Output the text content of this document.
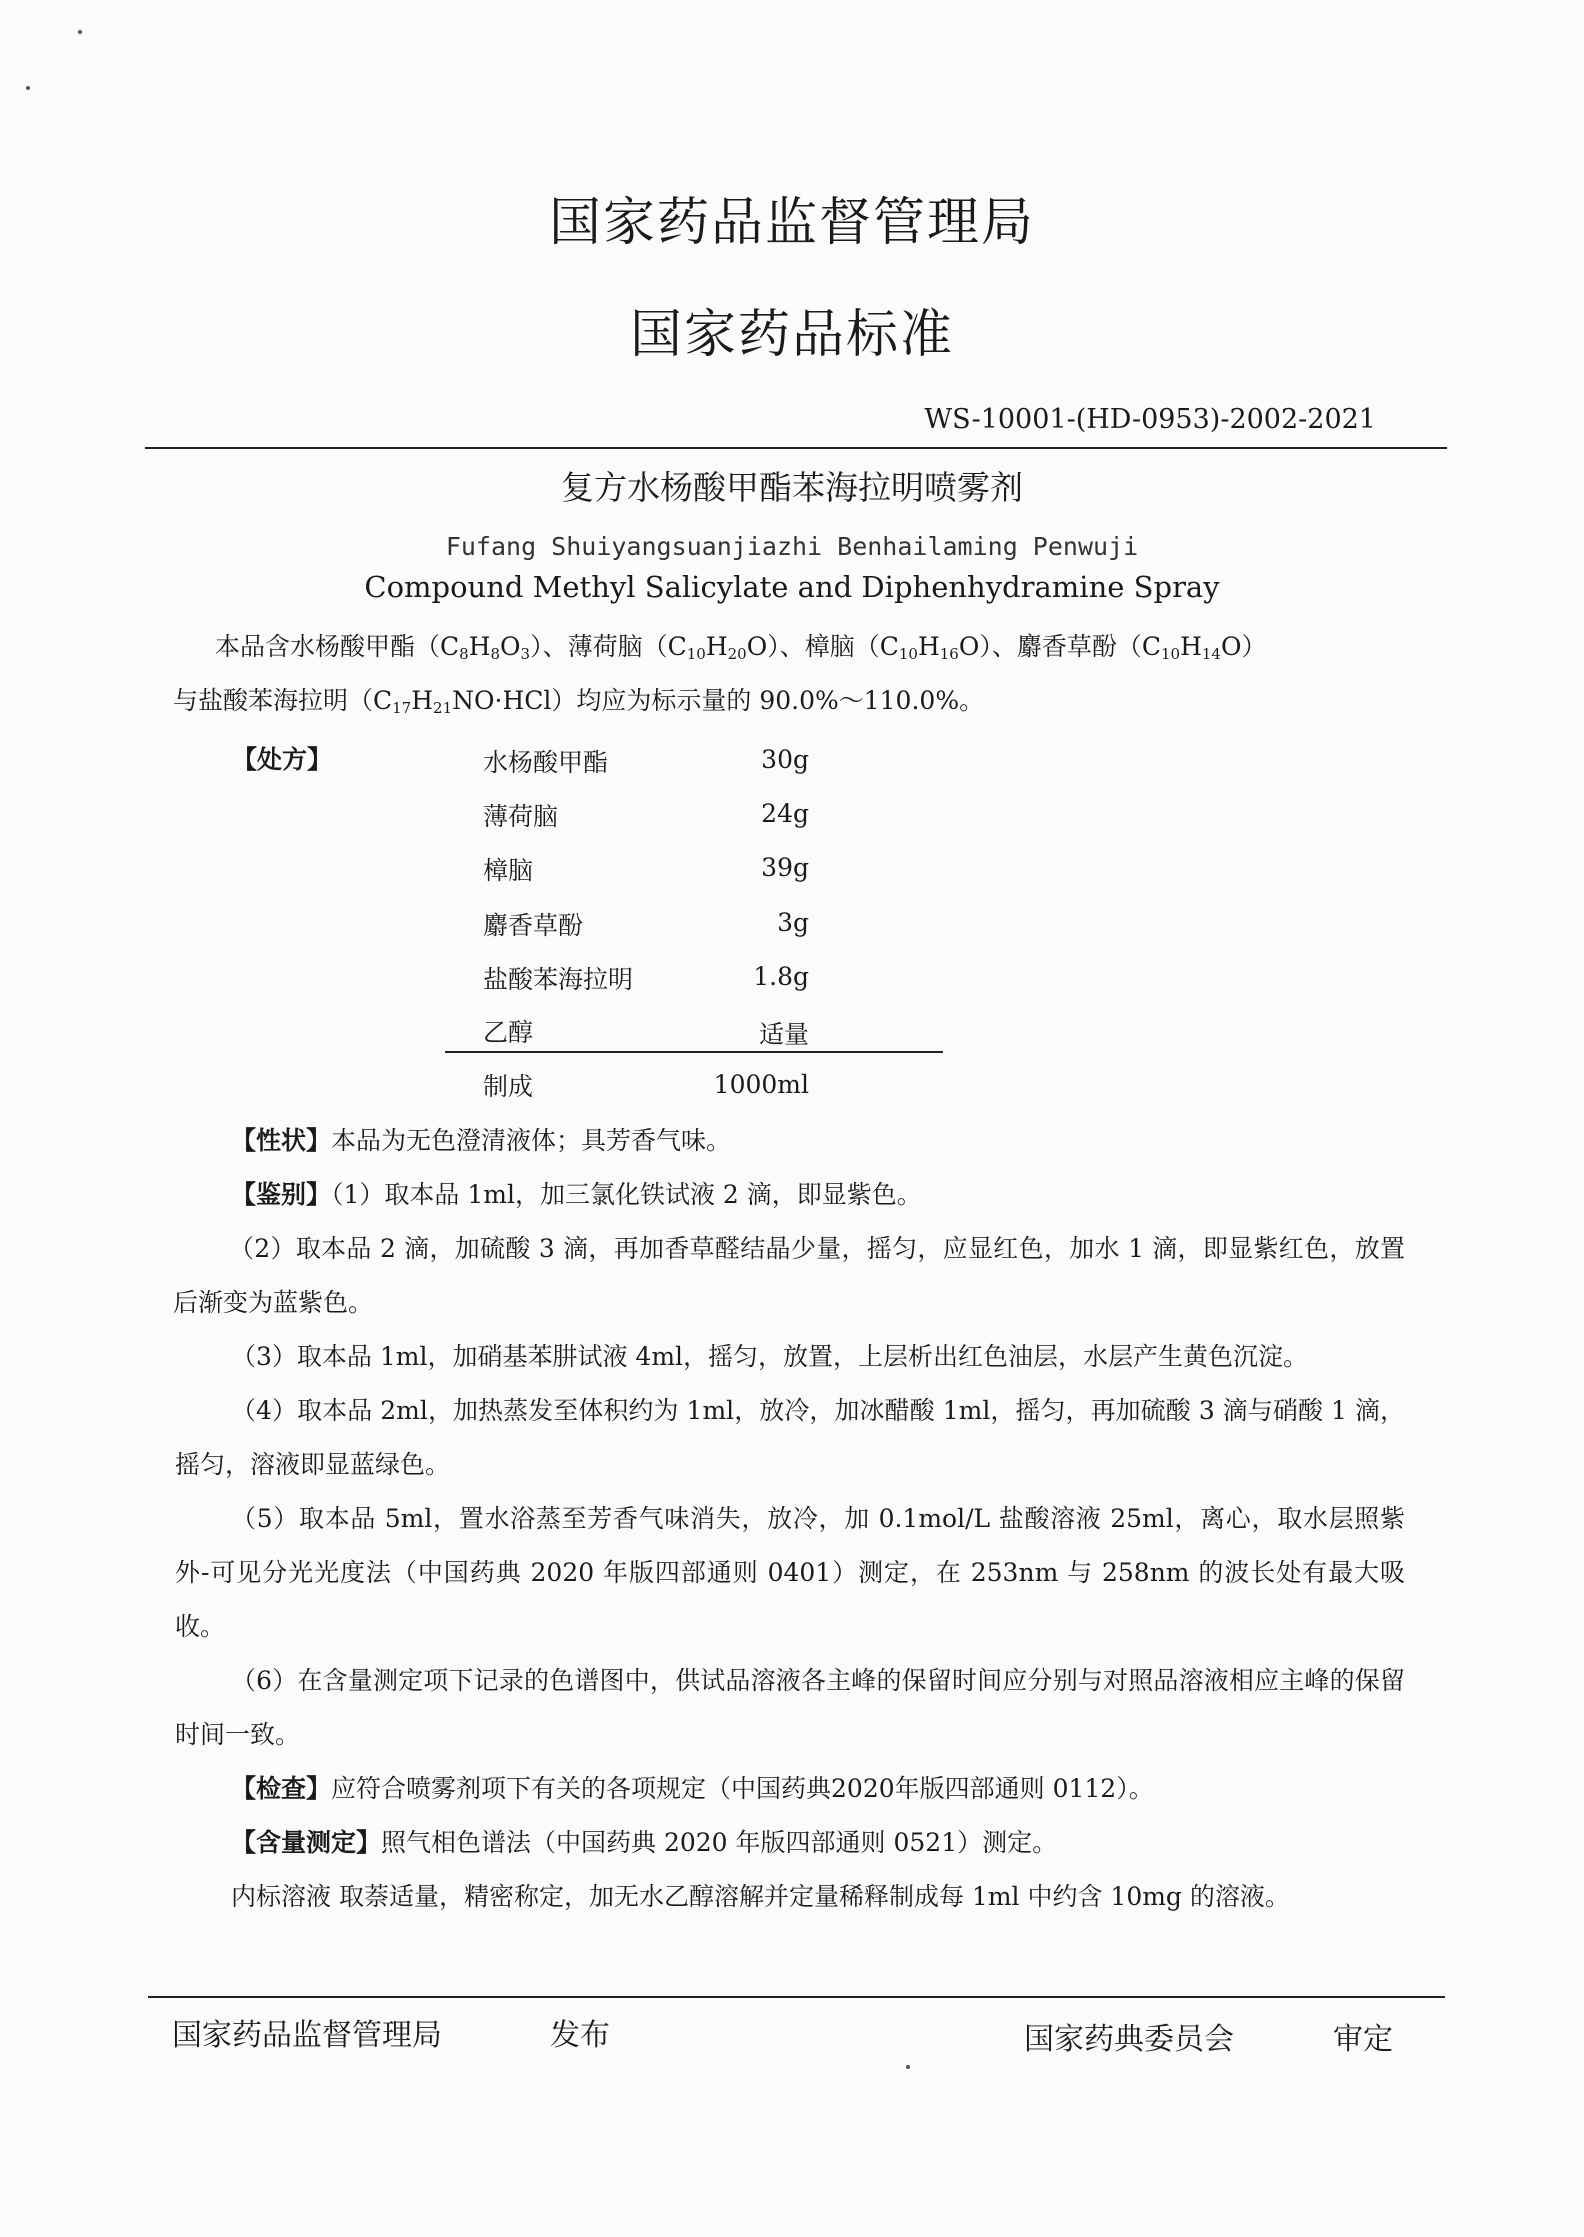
国家药品监督管理局
国家药品标准
WS-10001-(HD-0953)-2002-2021
复方水杨酸甲酯苯海拉明喷雾剂
Fufang Shuiyangsuanjiazhi Benhailaming Penwuji
Compound Methyl Salicylate and Diphenhydramine Spray
本品含水杨酸甲酯$(C_8H_8O_3)$、薄荷脑$(C_{10}H_{20}O)$、樟脑$(C_{10}H_{16}O)$、麝香草酚$(C_{10}H_{14}O)$
与盐酸苯海拉明$(C_{17}H_{21}NO\cdot HCl)$均应为标示量的 90.0%～110.0%。
【处方】	水杨酸甲酯	30g
薄荷脑	24g
樟脑	39g
麝香草酚	3g
盐酸苯海拉明	1.8g
乙醇	适量
制成	1000ml
【性状】本品为无色澄清液体；具芳香气味。
【鉴别】（1）取本品 1ml，加三氯化铁试液 2 滴，即显紫色。
（2）取本品 2 滴，加硫酸 3 滴，再加香草醛结晶少量，摇匀，应显红色，加水 1 滴，即显紫红色，放置后渐变为蓝紫色。
（3）取本品 1ml，加硝基苯肼试液 4ml，摇匀，放置，上层析出红色油层，水层产生黄色沉淀。
（4）取本品 2ml，加热蒸发至体积约为 1ml，放冷，加冰醋酸 1ml，摇匀，再加硫酸 3 滴与硝酸 1 滴，摇匀，溶液即显蓝绿色。
（5）取本品 5ml，置水浴蒸至芳香气味消失，放冷，加 0.1mol/L 盐酸溶液 25ml，离心，取水层照紫外-可见分光光度法（中国药典 2020 年版四部通则 0401）测定，在 253nm 与 258nm 的波长处有最大吸收。
（6）在含量测定项下记录的色谱图中，供试品溶液各主峰的保留时间应分别与对照品溶液相应主峰的保留时间一致。
【检查】应符合喷雾剂项下有关的各项规定（中国药典2020年版四部通则 0112）。
【含量测定】照气相色谱法（中国药典 2020 年版四部通则 0521）测定。
内标溶液 取萘适量，精密称定，加无水乙醇溶解并定量稀释制成每 1ml 中约含 10mg 的溶液。
国家药品监督管理局	发布	国家药典委员会	审定
